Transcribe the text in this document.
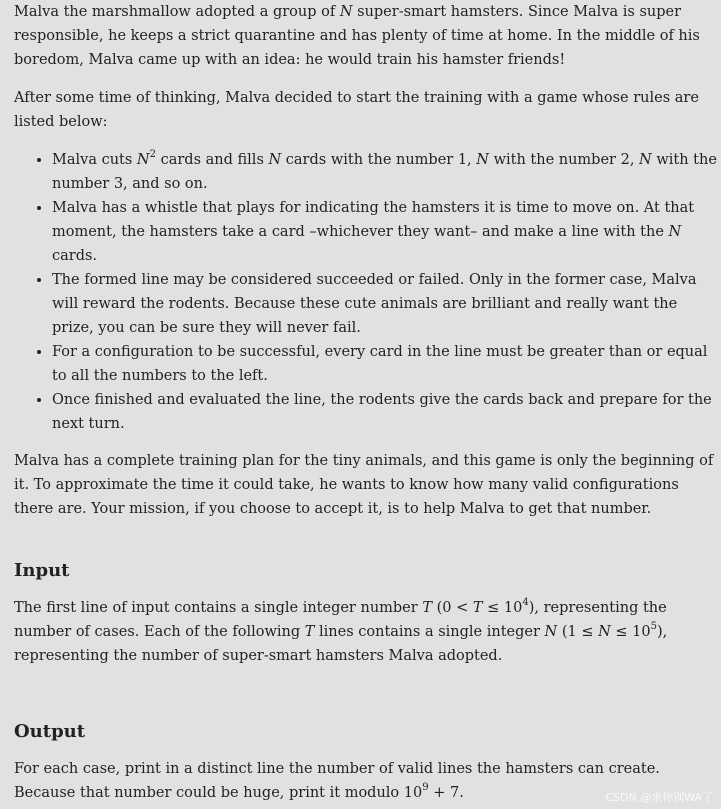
Malva the marshmallow adopted a group of N super-smart hamsters. Since Malva is super responsible, he keeps a strict quarantine and has plenty of time at home. In the middle of his boredom, Malva came up with an idea: he would train his hamster friends!

After some time of thinking, Malva decided to start the training with a game whose rules are listed below:

• Malva cuts $N^2$ cards and fills N cards with the number 1, N with the number 2, N with the number 3, and so on.
• Malva has a whistle that plays for indicating the hamsters it is time to move on. At that moment, the hamsters take a card –whichever they want– and make a line with the N cards.
• The formed line may be considered succeeded or failed. Only in the former case, Malva will reward the rodents. Because these cute animals are brilliant and really want the prize, you can be sure they will never fail.
• For a configuration to be successful, every card in the line must be greater than or equal to all the numbers to the left.
• Once finished and evaluated the line, the rodents give the cards back and prepare for the next turn.

Malva has a complete training plan for the tiny animals, and this game is only the beginning of it. To approximate the time it could take, he wants to know how many valid configurations there are. Your mission, if you choose to accept it, is to help Malva to get that number.

Input

The first line of input contains a single integer number T $(0 < T \le 10^4)$, representing the number of cases. Each of the following T lines contains a single integer N $(1 \le N \le 10^5)$, representing the number of super-smart hamsters Malva adopted.

Output

For each case, print in a distinct line the number of valid lines the hamsters can create. Because that number could be huge, print it modulo $10^9 + 7$.	CSDN @求你别WA了
